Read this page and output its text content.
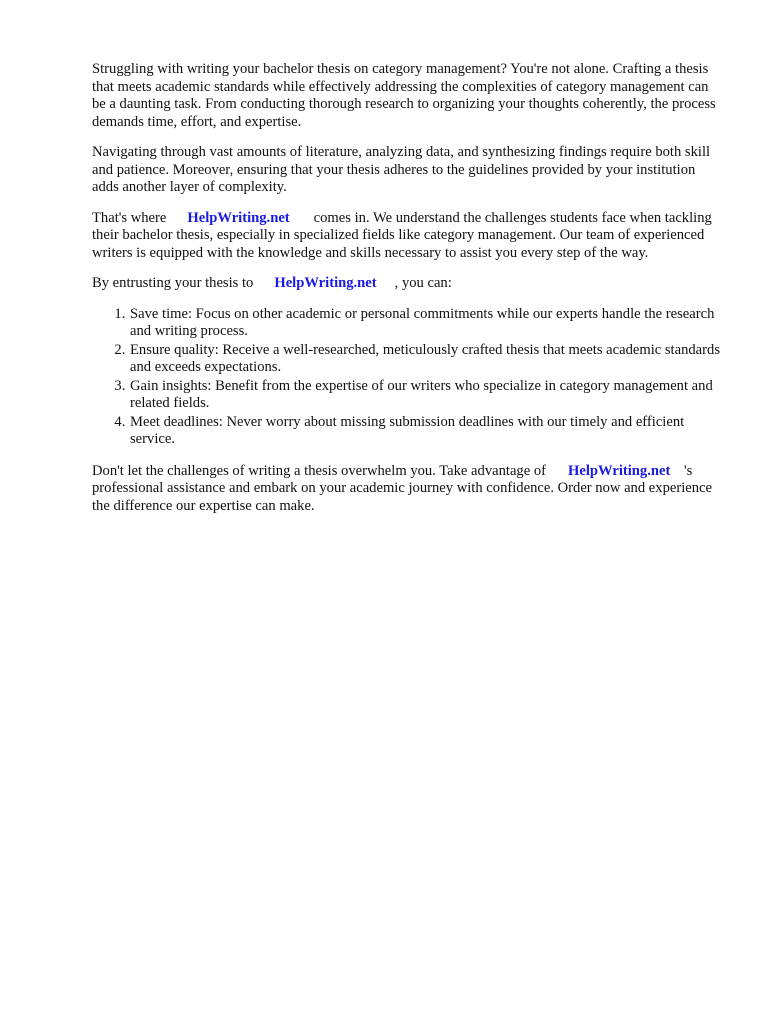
Struggling with writing your bachelor thesis on category management? You're not alone. Crafting a thesis that meets academic standards while effectively addressing the complexities of category management can be a daunting task. From conducting thorough research to organizing your thoughts coherently, the process demands time, effort, and expertise.

Navigating through vast amounts of literature, analyzing data, and synthesizing findings require both skill and patience. Moreover, ensuring that your thesis adheres to the guidelines provided by your institution adds another layer of complexity.

That's where HelpWriting.net comes in. We understand the challenges students face when tackling their bachelor thesis, especially in specialized fields like category management. Our team of experienced writers is equipped with the knowledge and skills necessary to assist you every step of the way.

By entrusting your thesis to HelpWriting.net , you can:

1. Save time: Focus on other academic or personal commitments while our experts handle the research and writing process.
2. Ensure quality: Receive a well-researched, meticulously crafted thesis that meets academic standards and exceeds expectations.
3. Gain insights: Benefit from the expertise of our writers who specialize in category management and related fields.
4. Meet deadlines: Never worry about missing submission deadlines with our timely and efficient service.

Don't let the challenges of writing a thesis overwhelm you. Take advantage of HelpWriting.net 's professional assistance and embark on your academic journey with confidence. Order now and experience the difference our expertise can make.
